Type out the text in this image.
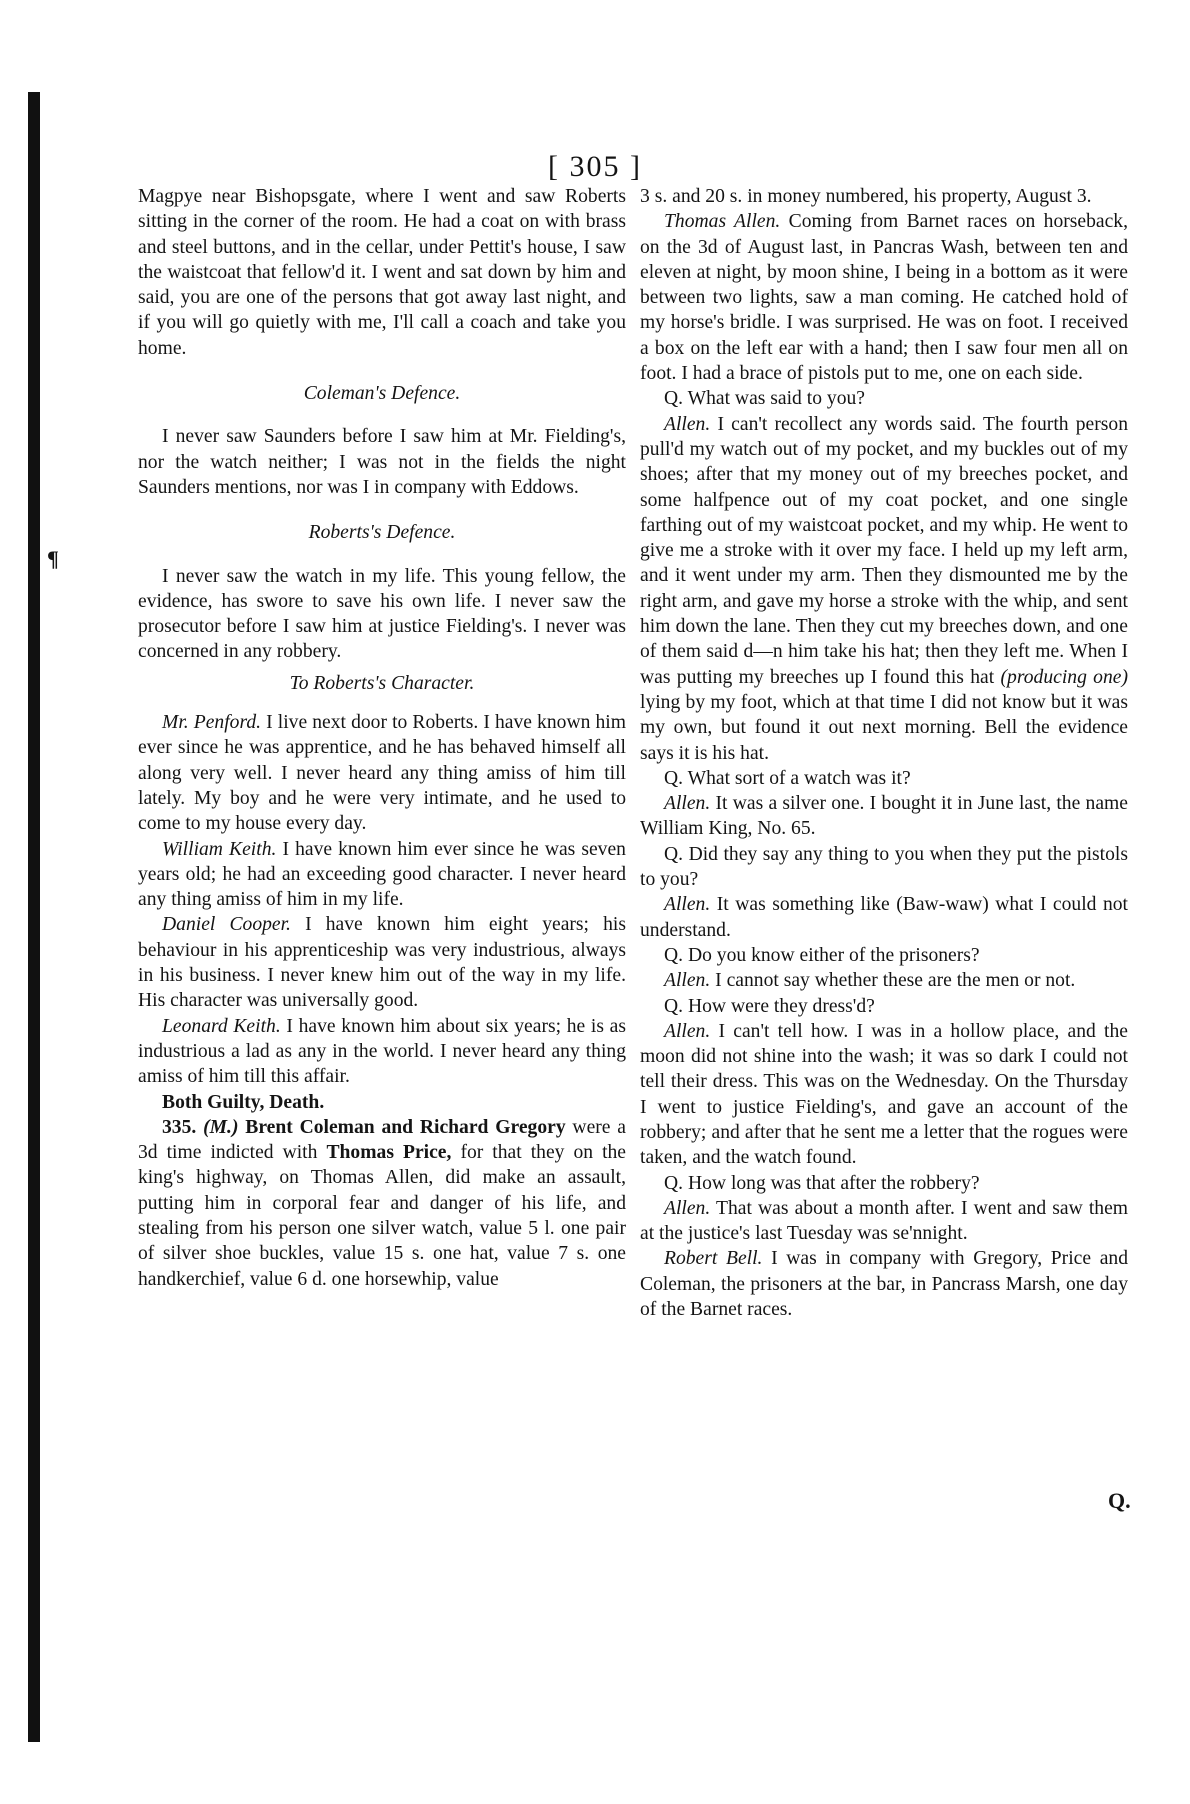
[ 305 ]
¶

Magpye near Bishopsgate, where I went and saw Roberts sitting in the corner of the room. He had a coat on with brass and steel buttons, and in the cellar, under Pettit's house, I saw the waistcoat that fellow'd it. I went and sat down by him and said, you are one of the persons that got away last night, and if you will go quietly with me, I'll call a coach and take you home.

Coleman's Defence.

I never saw Saunders before I saw him at Mr. Fielding's, nor the watch neither; I was not in the fields the night Saunders mentions, nor was I in company with Eddows.

Roberts's Defence.

I never saw the watch in my life. This young fellow, the evidence, has swore to save his own life. I never saw the prosecutor before I saw him at justice Fielding's. I never was concerned in any robbery.

To Roberts's Character.

Mr. Penford. I live next door to Roberts. I have known him ever since he was apprentice, and he has behaved himself all along very well. I never heard any thing amiss of him till lately. My boy and he were very intimate, and he used to come to my house every day.

William Keith. I have known him ever since he was seven years old; he had an exceeding good character. I never heard any thing amiss of him in my life.

Daniel Cooper. I have known him eight years; his behaviour in his apprenticeship was very industrious, always in his business. I never knew him out of the way in my life. His character was universally good.

Leonard Keith. I have known him about six years; he is as industrious a lad as any in the world. I never heard any thing amiss of him till this affair.

Both Guilty, Death.

335. (M.) Brent Coleman and Richard Gregory were a 3d time indicted with Thomas Price, for that they on the king's highway, on Thomas Allen, did make an assault, putting him in corporal fear and danger of his life, and stealing from his person one silver watch, value 5 l. one pair of silver shoe buckles, value 15 s. one hat, value 7 s. one handkerchief, value 6 d. one horsewhip, value

3 s. and 20 s. in money numbered, his property, August 3.

Thomas Allen. Coming from Barnet races on horseback, on the 3d of August last, in Pancras Wash, between ten and eleven at night, by moon shine, I being in a bottom as it were between two lights, saw a man coming. He catched hold of my horse's bridle. I was surprised. He was on foot. I received a box on the left ear with a hand; then I saw four men all on foot. I had a brace of pistols put to me, one on each side.

Q. What was said to you?

Allen. I can't recollect any words said. The fourth person pull'd my watch out of my pocket, and my buckles out of my shoes; after that my money out of my breeches pocket, and some halfpence out of my coat pocket, and one single farthing out of my waistcoat pocket, and my whip. He went to give me a stroke with it over my face. I held up my left arm, and it went under my arm. Then they dismounted me by the right arm, and gave my horse a stroke with the whip, and sent him down the lane. Then they cut my breeches down, and one of them said d—n him take his hat; then they left me. When I was putting my breeches up I found this hat (producing one) lying by my foot, which at that time I did not know but it was my own, but found it out next morning. Bell the evidence says it is his hat.

Q. What sort of a watch was it?

Allen. It was a silver one. I bought it in June last, the name William King, No. 65.

Q. Did they say any thing to you when they put the pistols to you?

Allen. It was something like (Baw-waw) what I could not understand.

Q. Do you know either of the prisoners?

Allen. I cannot say whether these are the men or not.

Q. How were they dress'd?

Allen. I can't tell how. I was in a hollow place, and the moon did not shine into the wash; it was so dark I could not tell their dress. This was on the Wednesday. On the Thursday I went to justice Fielding's, and gave an account of the robbery; and after that he sent me a letter that the rogues were taken, and the watch found.

Q. How long was that after the robbery?

Allen. That was about a month after. I went and saw them at the justice's last Tuesday was se'nnight.

Robert Bell. I was in company with Gregory, Price and Coleman, the prisoners at the bar, in Pancrass Marsh, one day of the Barnet races.

Q.
